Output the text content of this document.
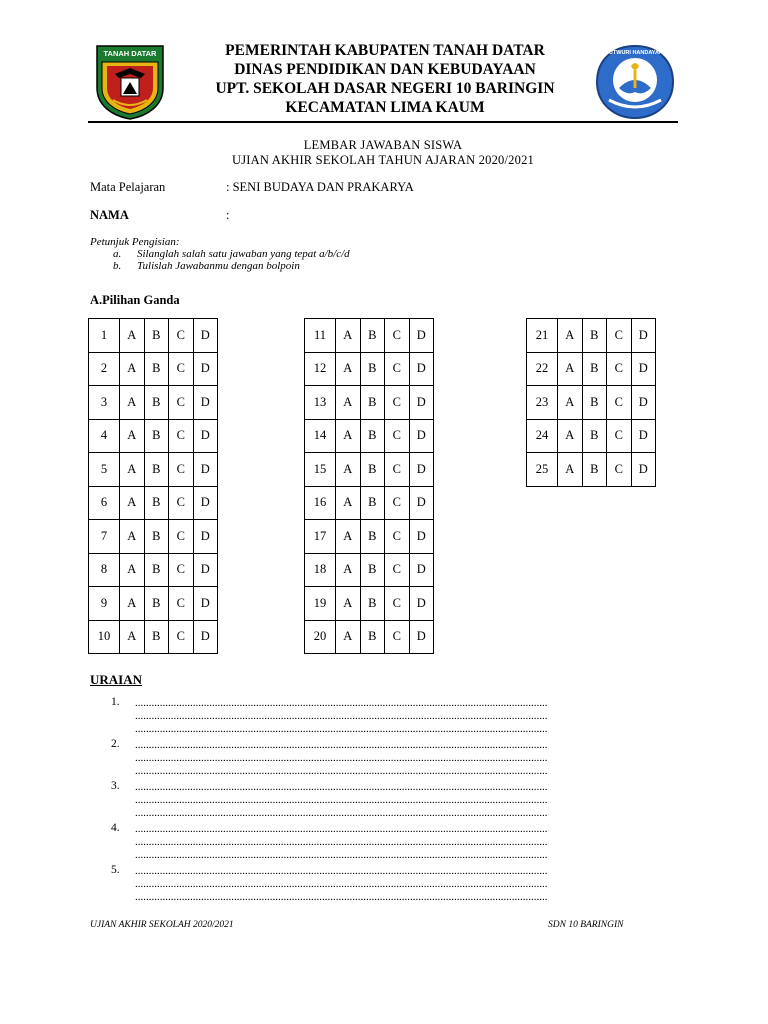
TANAH DATAR	PEMERINTAH KABUPATEN TANAH DATAR
DINAS PENDIDIKAN DAN KEBUDAYAAN
UPT. SEKOLAH DASAR NEGERI 10 BARINGIN
KECAMATAN LIMA KAUM
TUTWURI HANDAYANI
LEMBAR JAWABAN SISWA
UJIAN AKHIR SEKOLAH TAHUN AJARAN 2020/2021
Mata Pelajaran	: SENI BUDAYA DAN PRAKARYA
NAMA	:
Petunjuk Pengisian:
a. Silanglah salah satu jawaban yang tepat a/b/c/d
b. Tulislah Jawabanmu dengan bolpoin
A.Pilihan Ganda
1	A	B	C	D
2	A	B	C	D
3	A	B	C	D
4	A	B	C	D
5	A	B	C	D
6	A	B	C	D
7	A	B	C	D
8	A	B	C	D
9	A	B	C	D
10	A	B	C	D
11	A	B	C	D
12	A	B	C	D
13	A	B	C	D
14	A	B	C	D
15	A	B	C	D
16	A	B	C	D
17	A	B	C	D
18	A	B	C	D
19	A	B	C	D
20	A	B	C	D
21	A	B	C	D
22	A	B	C	D
23	A	B	C	D
24	A	B	C	D
25	A	B	C	D
URAIAN
1. ......................................................................................................................................................
......................................................................................................................................................
......................................................................................................................................................
2. ......................................................................................................................................................
......................................................................................................................................................
......................................................................................................................................................
3. ......................................................................................................................................................
......................................................................................................................................................
......................................................................................................................................................
4. ......................................................................................................................................................
......................................................................................................................................................
......................................................................................................................................................
5. ......................................................................................................................................................
......................................................................................................................................................
......................................................................................................................................................
UJIAN AKHIR SEKOLAH 2020/2021	SDN 10 BARINGIN
